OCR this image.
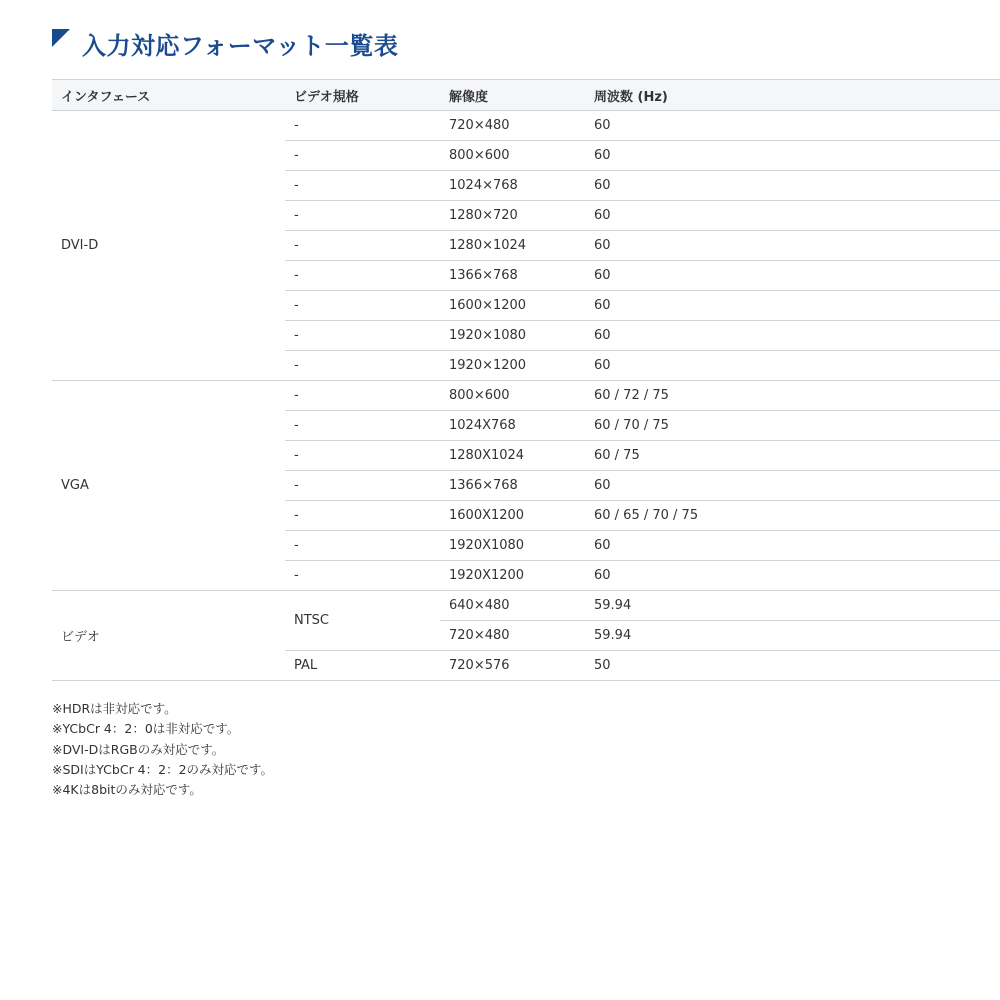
入力対応フォーマット一覧表
インタフェース	ビデオ規格	解像度	周波数 (Hz)
DVI-D	-	720×480	60
	-	800×600	60
	-	1024×768	60
	-	1280×720	60
	-	1280×1024	60
	-	1366×768	60
	-	1600×1200	60
	-	1920×1080	60
	-	1920×1200	60
VGA	-	800×600	60 / 72 / 75
	-	1024X768	60 / 70 / 75
	-	1280X1024	60 / 75
	-	1366×768	60
	-	1600X1200	60 / 65 / 70 / 75
	-	1920X1080	60
	-	1920X1200	60
ビデオ	NTSC	640×480	59.94
		720×480	59.94
	PAL	720×576	50
※HDRは非対応です。
※YCbCr 4：2：0は非対応です。
※DVI-DはRGBのみ対応です。
※SDIはYCbCr 4：2：2のみ対応です。
※4Kは8bitのみ対応です。
